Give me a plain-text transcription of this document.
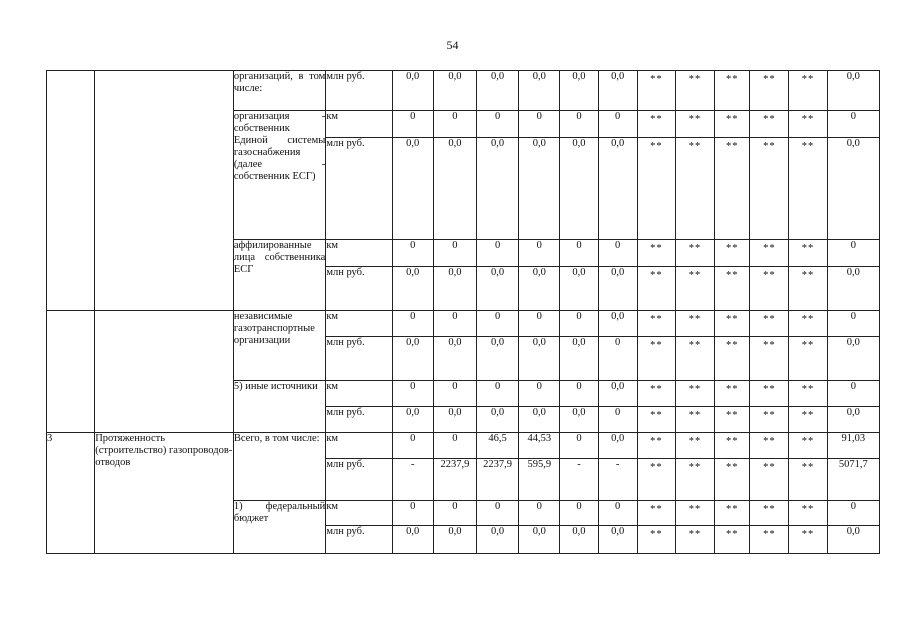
54

		организаций, в том числе:	млн руб.	0,0	0,0	0,0	0,0	0,0	0,0	**	**	**	**	**	0,0

		организация - собственник Единой системы газоснабжения (далее - собственник ЕСГ)	км	0	0	0	0	0	0	**	**	**	**	**	0
			млн руб.	0,0	0,0	0,0	0,0	0,0	0,0	**	**	**	**	**	0,0

		аффилированные лица собственника ЕСГ	км	0	0	0	0	0	0	**	**	**	**	**	0
			млн руб.	0,0	0,0	0,0	0,0	0,0	0,0	**	**	**	**	**	0,0

		независимые газотранспортные организации	км	0	0	0	0	0	0,0	**	**	**	**	**	0
			млн руб.	0,0	0,0	0,0	0,0	0,0	0	**	**	**	**	**	0,0

		5) иные источники	км	0	0	0	0	0	0,0	**	**	**	**	**	0
			млн руб.	0,0	0,0	0,0	0,0	0,0	0	**	**	**	**	**	0,0
3	Протяженность (строительство) газопроводов-отводов	Всего, в том числе:	км	0	0	46,5	44,53	0	0,0	**	**	**	**	**	91,03
			млн руб.	-	2237,9	2237,9	595,9	-	-	**	**	**	**	**	5071,7

		1) федеральный бюджет	км	0	0	0	0	0	0	**	**	**	**	**	0
			млн руб.	0,0	0,0	0,0	0,0	0,0	0,0	**	**	**	**	**	0,0
